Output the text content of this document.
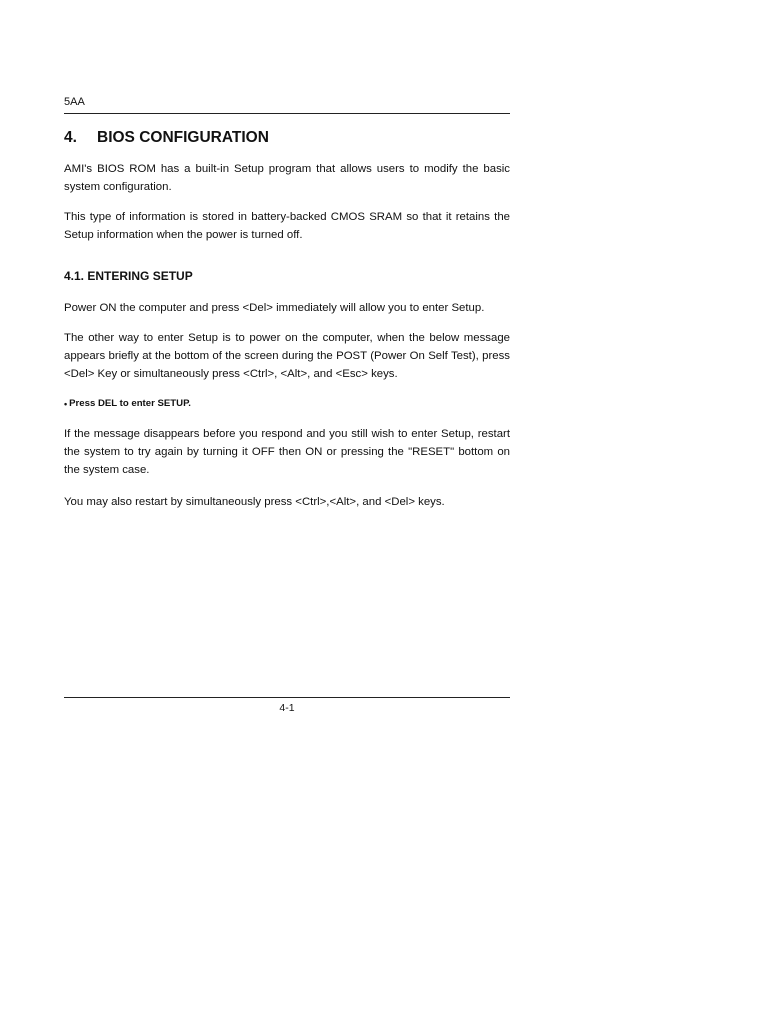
5AA
4. BIOS CONFIGURATION

AMI's BIOS ROM has a built-in Setup program that allows users to modify the basic system configuration.

This type of information is stored in battery-backed CMOS SRAM so that it retains the Setup information when the power is turned off.

4.1. ENTERING SETUP

Power ON the computer and press <Del> immediately will allow you to enter Setup.

The other way to enter Setup is to power on the computer, when the below message appears briefly at the bottom of the screen during the POST (Power On Self Test), press <Del> Key or simultaneously press <Ctrl>, <Alt>, and <Esc> keys.

• Press DEL to enter SETUP.

If the message disappears before you respond and you still wish to enter Setup, restart the system to try again by turning it OFF then ON or pressing the "RESET" bottom on the system case.

You may also restart by simultaneously press <Ctrl>,<Alt>, and <Del> keys.

4-1
